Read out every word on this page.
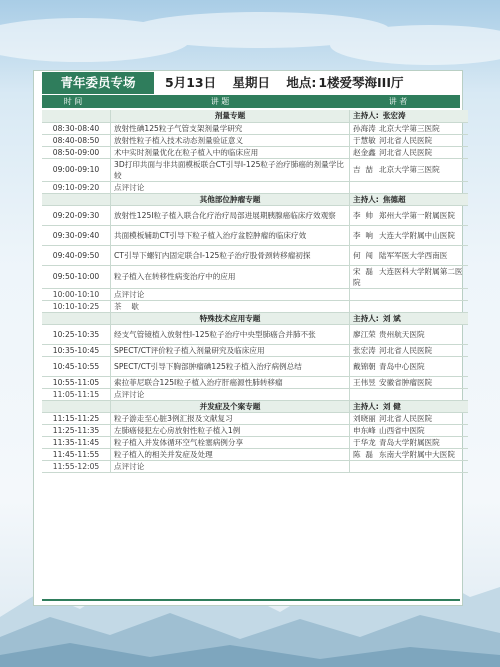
青年委员专场	5月13日 星期日 地点: 1楼爱琴海III厅
时 间	讲 题	讲 者
	剂量专题	主持人: 张宏涛
08:30-08:40	放射性碘125粒子气管支架剂量学研究	孙海涛 北京大学第三医院
08:40-08:50	放射性粒子植入技术动态剂量验证意义	于慧敏 河北省人民医院
08:50-09:00	术中实时剂量优化在粒子植入中的临床应用	赵金鑫 河北省人民医院
09:00-09:10	3D打印共面与非共面模板联合CT引导I-125粒子治疗肺癌的剂量学比较	吉  喆 北京大学第三医院
09:10-09:20	点评讨论	
	其他部位肿瘤专题	主持人: 焦德超
09:20-09:30	放射性125I粒子植入联合化疗治疗局部进展期胰腺癌临床疗效观察	李  帅 郑州大学第一附属医院
09:30-09:40	共面模板辅助CT引导下粒子植入治疗盆腔肿瘤的临床疗效	李  响 大连大学附属中山医院
09:40-09:50	CT引导下螺钉内固定联合I-125粒子治疗股骨颈转移瘤初探	何  闯 陆军军医大学西南医
09:50-10:00	粒子植入在转移性病变治疗中的应用	宋  磊 大连医科大学附属第二医院
10:00-10:10	点评讨论	
10:10-10:25	茶    歇	
	特殊技术应用专题	主持人: 刘 斌
10:25-10:35	经支气管镜植入放射性I-125粒子治疗中央型肺癌合并肺不张	廖江荣 贵州航天医院
10:35-10:45	SPECT/CT评价粒子植入剂量研究及临床应用	张宏涛 河北省人民医院
10:45-10:55	SPECT/CT引导下胸部肿瘤碘125粒子植入治疗病例总结	戴锦朝 青岛中心医院
10:55-11:05	索拉菲尼联合125I粒子植入治疗肝癌源性肺转移瘤	王伟昱 安徽省肿瘤医院
11:05-11:15	点评讨论	
	并发症及个案专题	主持人: 刘 健
11:15-11:25	粒子游走至心脏3例汇报及文献复习	刘晓丽 河北省人民医院
11:25-11:35	左肺癌侵犯左心房放射性粒子植入1例	申东峰 山西省中医院
11:35-11:45	粒子植入并发体循环空气栓塞病例分享	于华龙 青岛大学附属医院
11:45-11:55	粒子植入的相关并发症及处理	陈  磊 东南大学附属中大医院
11:55-12:05	点评讨论	
